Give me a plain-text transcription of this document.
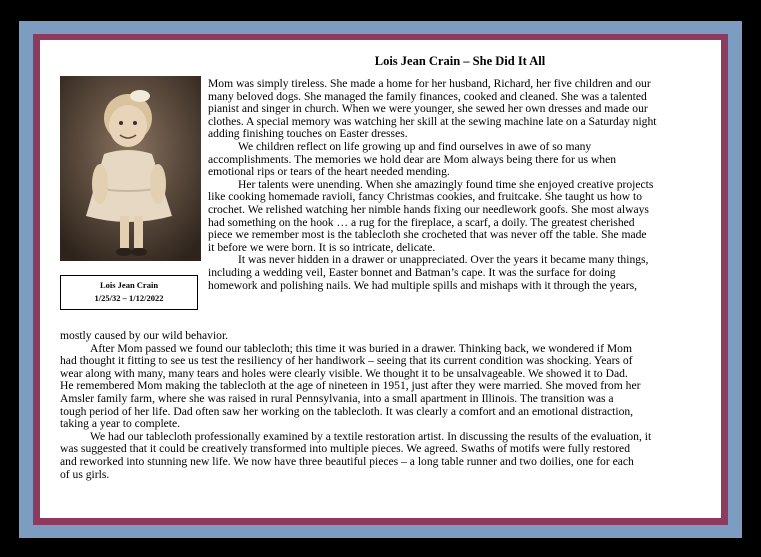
Lois Jean Crain – She Did It All
Lois Jean Crain
1/25/32 – 1/12/2022
Mom was simply tireless. She made a home for her husband, Richard, her five children and our
many beloved dogs. She managed the family finances, cooked and cleaned. She was a talented
pianist and singer in church. When we were younger, she sewed her own dresses and made our
clothes. A special memory was watching her skill at the sewing machine late on a Saturday night
adding finishing touches on Easter dresses.
We children reflect on life growing up and find ourselves in awe of so many
accomplishments. The memories we hold dear are Mom always being there for us when
emotional rips or tears of the heart needed mending.
Her talents were unending. When she amazingly found time she enjoyed creative projects
like cooking homemade ravioli, fancy Christmas cookies, and fruitcake. She taught us how to
crochet. We relished watching her nimble hands fixing our needlework goofs. She most always
had something on the hook … a rug for the fireplace, a scarf, a doily. The greatest cherished
piece we remember most is the tablecloth she crocheted that was never off the table. She made
it before we were born. It is so intricate, delicate.
It was never hidden in a drawer or unappreciated. Over the years it became many things,
including a wedding veil, Easter bonnet and Batman’s cape. It was the surface for doing
homework and polishing nails. We had multiple spills and mishaps with it through the years,
mostly caused by our wild behavior.
After Mom passed we found our tablecloth; this time it was buried in a drawer. Thinking back, we wondered if Mom
had thought it fitting to see us test the resiliency of her handiwork – seeing that its current condition was shocking. Years of
wear along with many, many tears and holes were clearly visible. We thought it to be unsalvageable. We showed it to Dad.
He remembered Mom making the tablecloth at the age of nineteen in 1951, just after they were married. She moved from her
Amsler family farm, where she was raised in rural Pennsylvania, into a small apartment in Illinois. The transition was a
tough period of her life. Dad often saw her working on the tablecloth. It was clearly a comfort and an emotional distraction,
taking a year to complete.
We had our tablecloth professionally examined by a textile restoration artist. In discussing the results of the evaluation, it
was suggested that it could be creatively transformed into multiple pieces. We agreed. Swaths of motifs were fully restored
and reworked into stunning new life. We now have three beautiful pieces – a long table runner and two doilies, one for each
of us girls.
